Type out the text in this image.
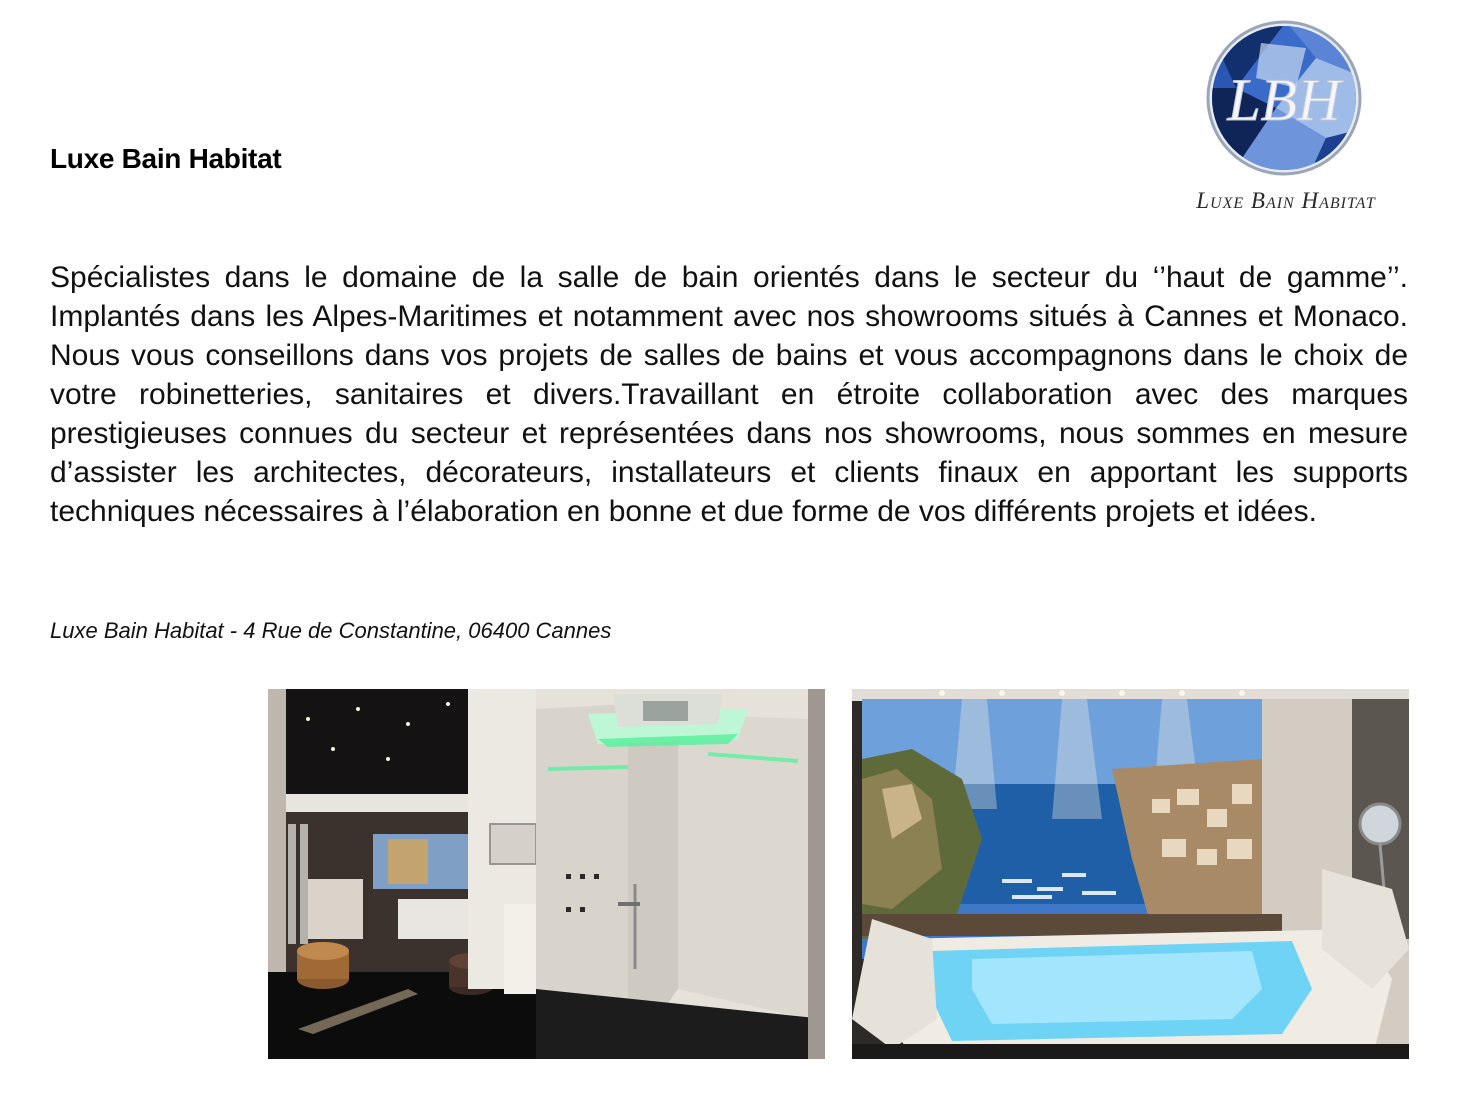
Luxe Bain Habitat
LBH
Luxe Bain Habitat

Spécialistes dans le domaine de la salle de bain orientés dans le secteur du ‘’haut de gamme’’. Implantés dans les Alpes-Maritimes et notamment avec nos showrooms situés à Cannes et Monaco. Nous vous conseillons dans vos projets de salles de bains et vous accompagnons dans le choix de votre robinetteries, sanitaires et divers.Travaillant en étroite collaboration avec des marques prestigieuses connues du secteur et représentées dans nos showrooms, nous sommes en mesure d’assister les architectes, décorateurs, installateurs et clients finaux en apportant les supports techniques nécessaires à l’élaboration en bonne et due forme de vos différents projets et idées.

Luxe Bain Habitat - 4 Rue de Constantine, 06400 Cannes
